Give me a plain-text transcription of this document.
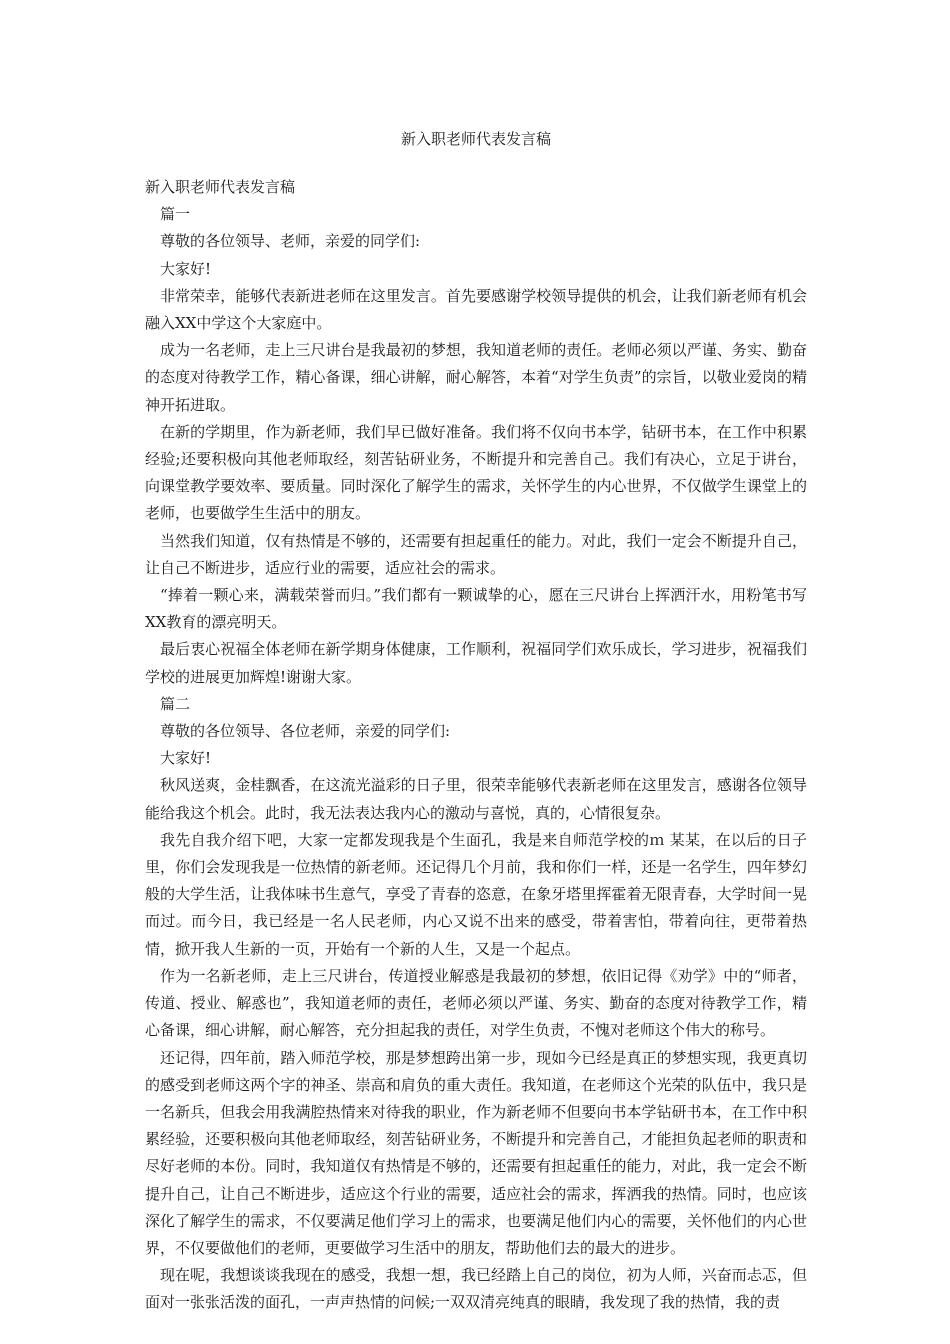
新入职老师代表发言稿

新入职老师代表发言稿

篇一

尊敬的各位领导、老师，亲爱的同学们:

大家好!

非常荣幸，能够代表新进老师在这里发言。首先要感谢学校领导提供的机会，让我们新老师有机会融入XX中学这个大家庭中。

成为一名老师，走上三尺讲台是我最初的梦想，我知道老师的责任。老师必须以严谨、务实、勤奋的态度对待教学工作，精心备课，细心讲解，耐心解答，本着“对学生负责”的宗旨，以敬业爱岗的精神开拓进取。

在新的学期里，作为新老师，我们早已做好准备。我们将不仅向书本学，钻研书本，在工作中积累经验;还要积极向其他老师取经，刻苦钻研业务，不断提升和完善自己。我们有决心，立足于讲台，向课堂教学要效率、要质量。同时深化了解学生的需求，关怀学生的内心世界，不仅做学生课堂上的老师，也要做学生生活中的朋友。

当然我们知道，仅有热情是不够的，还需要有担起重任的能力。对此，我们一定会不断提升自己，让自己不断进步，适应行业的需要，适应社会的需求。

“捧着一颗心来，满载荣誉而归。”我们都有一颗诚挚的心，愿在三尺讲台上挥洒汗水，用粉笔书写XX教育的漂亮明天。

最后衷心祝福全体老师在新学期身体健康，工作顺利，祝福同学们欢乐成长，学习进步，祝福我们学校的进展更加辉煌!谢谢大家。

篇二

尊敬的各位领导、各位老师，亲爱的同学们:

大家好!

秋风送爽，金桂飘香，在这流光溢彩的日子里，很荣幸能够代表新老师在这里发言，感谢各位领导能给我这个机会。此时，我无法表达我内心的激动与喜悦，真的，心情很复杂。

我先自我介绍下吧，大家一定都发现我是个生面孔，我是来自师范学校的ｍ 某某，在以后的日子里，你们会发现我是一位热情的新老师。还记得几个月前，我和你们一样，还是一名学生，四年梦幻般的大学生活，让我体味书生意气，享受了青春的恣意，在象牙塔里挥霍着无限青春，大学时间一晃而过。而今日，我已经是一名人民老师，内心又说不出来的感受，带着害怕，带着向往，更带着热情，掀开我人生新的一页，开始有一个新的人生，又是一个起点。

作为一名新老师，走上三尺讲台，传道授业解惑是我最初的梦想，依旧记得《劝学》中的“师者，传道、授业、解惑也”，我知道老师的责任，老师必须以严谨、务实、勤奋的态度对待教学工作，精心备课，细心讲解，耐心解答，充分担起我的责任，对学生负责，不愧对老师这个伟大的称号。

还记得，四年前，踏入师范学校，那是梦想跨出第一步，现如今已经是真正的梦想实现，我更真切的感受到老师这两个字的神圣、崇高和肩负的重大责任。我知道，在老师这个光荣的队伍中，我只是一名新兵，但我会用我满腔热情来对待我的职业，作为新老师不但要向书本学钻研书本，在工作中积累经验，还要积极向其他老师取经，刻苦钻研业务，不断提升和完善自己，才能担负起老师的职责和尽好老师的本份。同时，我知道仅有热情是不够的，还需要有担起重任的能力，对此，我一定会不断提升自己，让自己不断进步，适应这个行业的需要，适应社会的需求，挥洒我的热情。同时，也应该深化了解学生的需求，不仅要满足他们学习上的需求，也要满足他们内心的需要，关怀他们的内心世界，不仅要做他们的老师，更要做学习生活中的朋友，帮助他们去的最大的进步。

现在呢，我想谈谈我现在的感受，我想一想，我已经踏上自己的岗位，初为人师，兴奋而忐忑，但面对一张张活泼的面孔，一声声热情的问候;一双双清亮纯真的眼睛，我发现了我的热情，我的责
